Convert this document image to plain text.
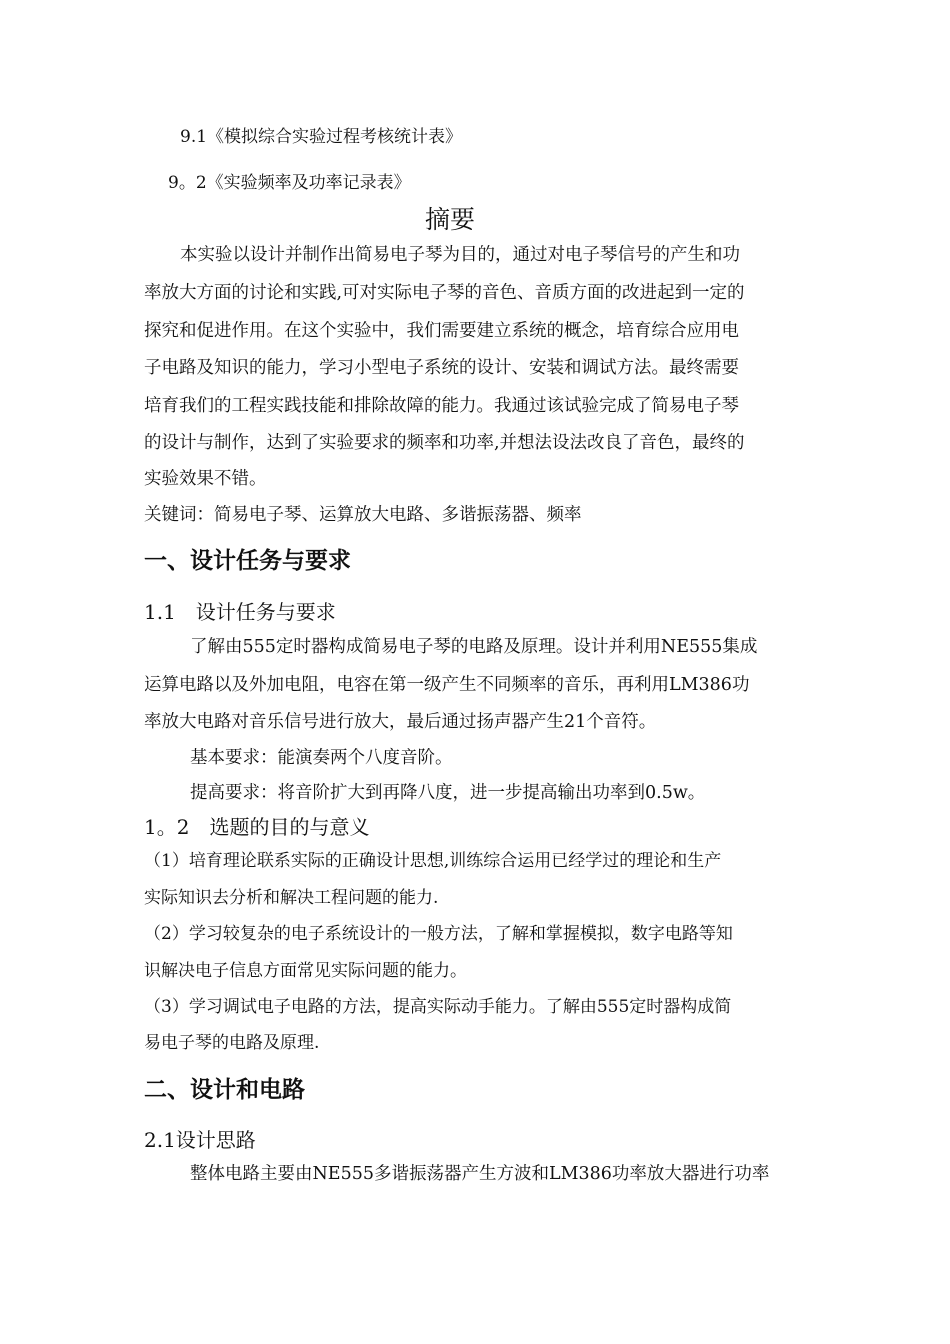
9.1《模拟综合实验过程考核统计表》
9。2《实验频率及功率记录表》
摘要
本实验以设计并制作出简易电子琴为目的，通过对电子琴信号的产生和功
率放大方面的讨论和实践,可对实际电子琴的音色、音质方面的改进起到一定的
探究和促进作用。在这个实验中，我们需要建立系统的概念，培育综合应用电
子电路及知识的能力，学习小型电子系统的设计、安装和调试方法。最终需要
培育我们的工程实践技能和排除故障的能力。我通过该试验完成了简易电子琴
的设计与制作，达到了实验要求的频率和功率,并想法设法改良了音色，最终的
实验效果不错。
关键词：简易电子琴、运算放大电路、多谐振荡器、频率
一、设计任务与要求
1.1　设计任务与要求
了解由555定时器构成简易电子琴的电路及原理。设计并利用NE555集成
运算电路以及外加电阻，电容在第一级产生不同频率的音乐，再利用LM386功
率放大电路对音乐信号进行放大，最后通过扬声器产生21个音符。
基本要求：能演奏两个八度音阶。
提高要求：将音阶扩大到再降八度，进一步提高输出功率到0.5w。
1。2　选题的目的与意义
（1）培育理论联系实际的正确设计思想,训练综合运用已经学过的理论和生产
实际知识去分析和解决工程问题的能力.
（2）学习较复杂的电子系统设计的一般方法，了解和掌握模拟，数字电路等知
识解决电子信息方面常见实际问题的能力。
（3）学习调试电子电路的方法，提高实际动手能力。了解由555定时器构成简
易电子琴的电路及原理.
二、设计和电路
2.1设计思路
整体电路主要由NE555多谐振荡器产生方波和LM386功率放大器进行功率
